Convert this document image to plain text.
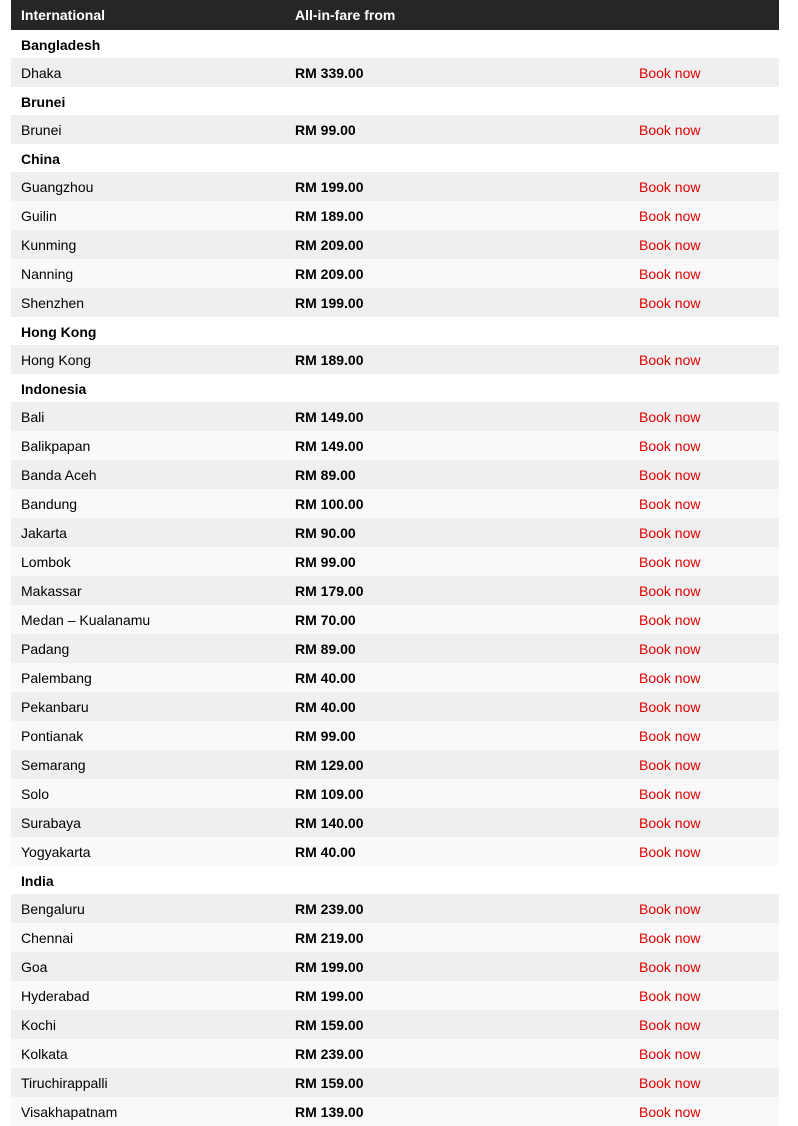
International	All-in-fare from
Bangladesh
Dhaka	RM 339.00	Book now
Brunei
Brunei	RM 99.00	Book now
China
Guangzhou	RM 199.00	Book now
Guilin	RM 189.00	Book now
Kunming	RM 209.00	Book now
Nanning	RM 209.00	Book now
Shenzhen	RM 199.00	Book now
Hong Kong
Hong Kong	RM 189.00	Book now
Indonesia
Bali	RM 149.00	Book now
Balikpapan	RM 149.00	Book now
Banda Aceh	RM 89.00	Book now
Bandung	RM 100.00	Book now
Jakarta	RM 90.00	Book now
Lombok	RM 99.00	Book now
Makassar	RM 179.00	Book now
Medan – Kualanamu	RM 70.00	Book now
Padang	RM 89.00	Book now
Palembang	RM 40.00	Book now
Pekanbaru	RM 40.00	Book now
Pontianak	RM 99.00	Book now
Semarang	RM 129.00	Book now
Solo	RM 109.00	Book now
Surabaya	RM 140.00	Book now
Yogyakarta	RM 40.00	Book now
India
Bengaluru	RM 239.00	Book now
Chennai	RM 219.00	Book now
Goa	RM 199.00	Book now
Hyderabad	RM 199.00	Book now
Kochi	RM 159.00	Book now
Kolkata	RM 239.00	Book now
Tiruchirappalli	RM 159.00	Book now
Visakhapatnam	RM 139.00	Book now
